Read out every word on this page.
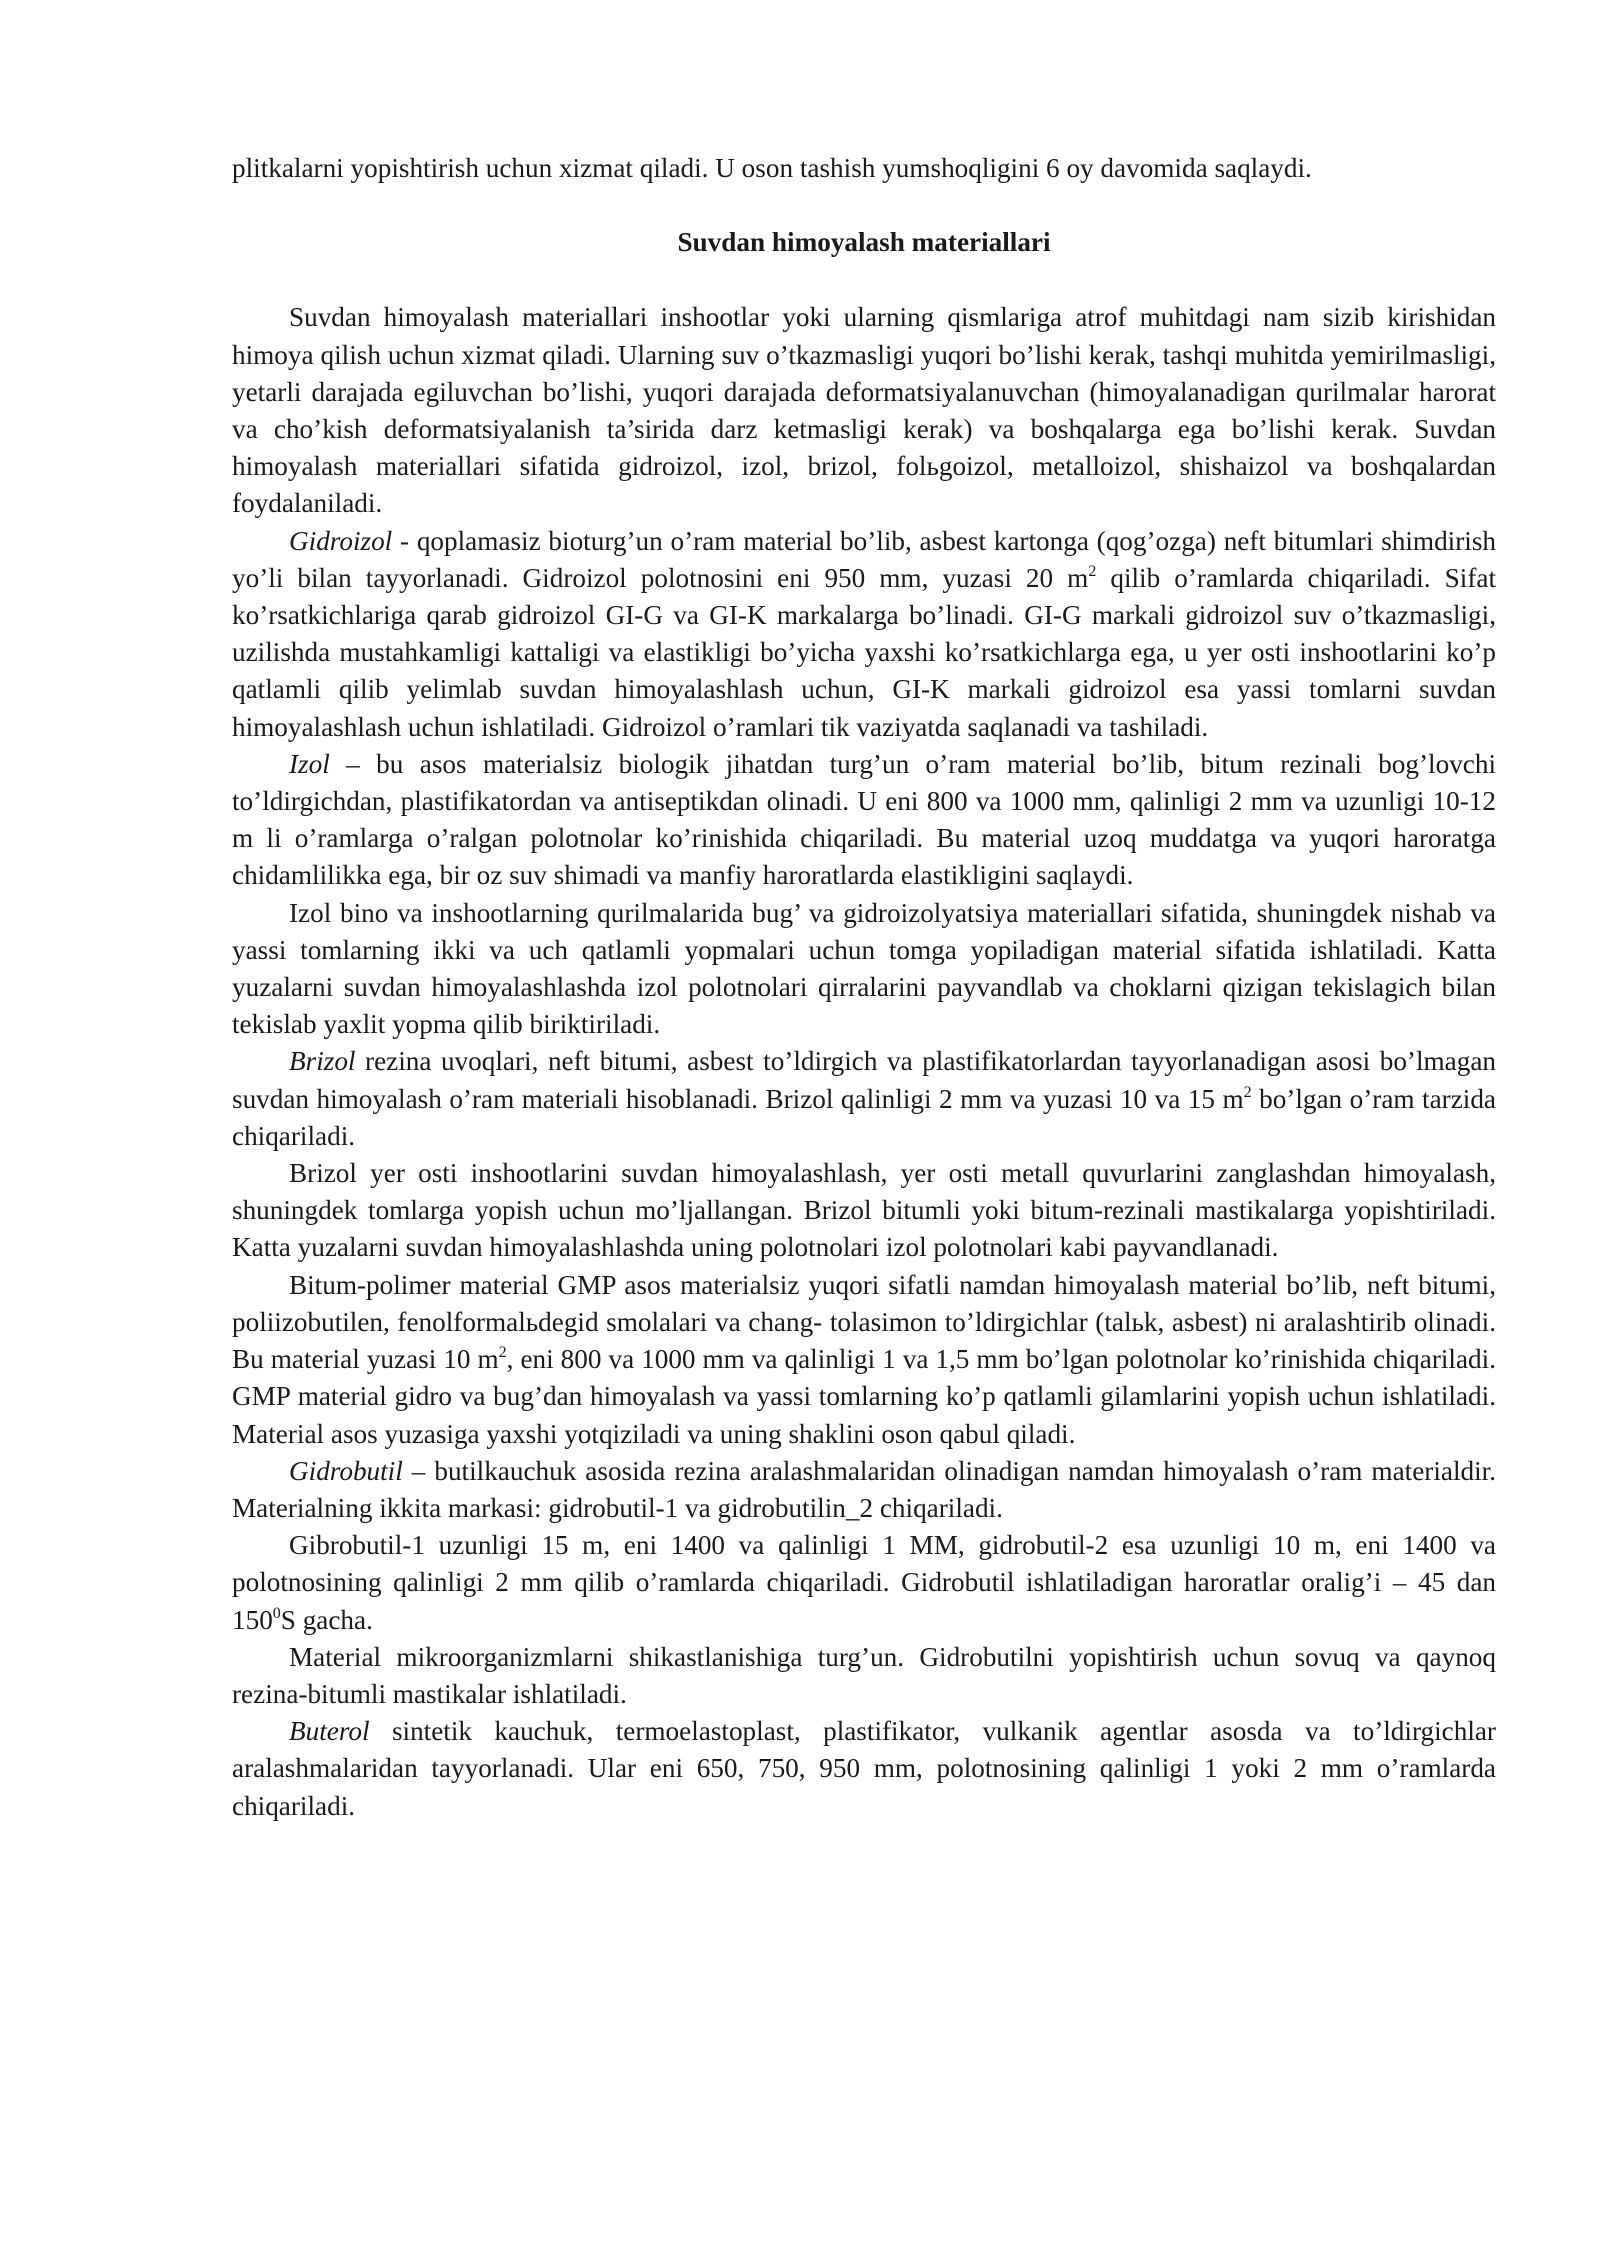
plitkalarni yopishtirish uchun xizmat qiladi. U oson tashish yumshoqligini 6 oy davomida saqlaydi.

Suvdan himoyalash materiallari

Suvdan himoyalash materiallari inshootlar yoki ularning qismlariga atrof muhitdagi nam sizib kirishidan himoya qilish uchun xizmat qiladi. Ularning suv o’tkazmasligi yuqori bo’lishi kerak, tashqi muhitda yemirilmasligi, yetarli darajada egiluvchan bo’lishi, yuqori darajada deformatsiyalanuvchan (himoyalanadigan qurilmalar harorat va cho’kish deformatsiyalanish ta’sirida darz ketmasligi kerak) va boshqalarga ega bo’lishi kerak. Suvdan himoyalash materiallari sifatida gidroizol, izol, brizol, folьgoizol, metalloizol, shishaizol va boshqalardan foydalaniladi.

Gidroizol - qoplamasiz bioturg’un o’ram material bo’lib, asbest kartonga (qog’ozga) neft bitumlari shimdirish yo’li bilan tayyorlanadi. Gidroizol polotnosini eni 950 mm, yuzasi 20 $m^2$ qilib o’ramlarda chiqariladi. Sifat ko’rsatkichlariga qarab gidroizol GI-G va GI-K markalarga bo’linadi. GI-G markali gidroizol suv o’tkazmasligi, uzilishda mustahkamligi kattaligi va elastikligi bo’yicha yaxshi ko’rsatkichlarga ega, u yer osti inshootlarini ko’p qatlamli qilib yelimlab suvdan himoyalashlash uchun, GI-K markali gidroizol esa yassi tomlarni suvdan himoyalashlash uchun ishlatiladi. Gidroizol o’ramlari tik vaziyatda saqlanadi va tashiladi.

Izol – bu asos materialsiz biologik jihatdan turg’un o’ram material bo’lib, bitum rezinali bog’lovchi to’ldirgichdan, plastifikatordan va antiseptikdan olinadi. U eni 800 va 1000 mm, qalinligi 2 mm va uzunligi 10-12 m li o’ramlarga o’ralgan polotnolar ko’rinishida chiqariladi. Bu material uzoq muddatga va yuqori haroratga chidamlilikka ega, bir oz suv shimadi va manfiy haroratlarda elastikligini saqlaydi.

Izol bino va inshootlarning qurilmalarida bug’ va gidroizolyatsiya materiallari sifatida, shuningdek nishab va yassi tomlarning ikki va uch qatlamli yopmalari uchun tomga yopiladigan material sifatida ishlatiladi. Katta yuzalarni suvdan himoyalashlashda izol polotnolari qirralarini payvandlab va choklarni qizigan tekislagich bilan tekislab yaxlit yopma qilib biriktiriladi.

Brizol rezina uvoqlari, neft bitumi, asbest to’ldirgich va plastifikatorlardan tayyorlanadigan asosi bo’lmagan suvdan himoyalash o’ram materiali hisoblanadi. Brizol qalinligi 2 mm va yuzasi 10 va 15 $m^2$ bo’lgan o’ram tarzida chiqariladi.

Brizol yer osti inshootlarini suvdan himoyalashlash, yer osti metall quvurlarini zanglashdan himoyalash, shuningdek tomlarga yopish uchun mo’ljallangan. Brizol bitumli yoki bitum-rezinali mastikalarga yopishtiriladi. Katta yuzalarni suvdan himoyalashlashda uning polotnolari izol polotnolari kabi payvandlanadi.

Bitum-polimer material GMP asos materialsiz yuqori sifatli namdan himoyalash material bo’lib, neft bitumi, poliizobutilen, fenolformalьdegid smolalari va chang- tolasimon to’ldirgichlar (talьk, asbest) ni aralashtirib olinadi. Bu material yuzasi 10 $m^2$, eni 800 va 1000 mm va qalinligi 1 va 1,5 mm bo’lgan polotnolar ko’rinishida chiqariladi. GMP material gidro va bug’dan himoyalash va yassi tomlarning ko’p qatlamli gilamlarini yopish uchun ishlatiladi. Material asos yuzasiga yaxshi yotqiziladi va uning shaklini oson qabul qiladi.

Gidrobutil – butilkauchuk asosida rezina aralashmalaridan olinadigan namdan himoyalash o’ram materialdir. Materialning ikkita markasi: gidrobutil-1 va gidrobutilin_2 chiqariladi.

Gibrobutil-1 uzunligi 15 m, eni 1400 va qalinligi 1 MM, gidrobutil-2 esa uzunligi 10 m, eni 1400 va polotnosining qalinligi 2 mm qilib o’ramlarda chiqariladi. Gidrobutil ishlatiladigan haroratlar oralig’i – 45 dan $150^0S$ gacha.

Material mikroorganizmlarni shikastlanishiga turg’un. Gidrobutilni yopishtirish uchun sovuq va qaynoq rezina-bitumli mastikalar ishlatiladi.

Buterol sintetik kauchuk, termoelastoplast, plastifikator, vulkanik agentlar asosda va to’ldirgichlar aralashmalaridan tayyorlanadi. Ular eni 650, 750, 950 mm, polotnosining qalinligi 1 yoki 2 mm o’ramlarda chiqariladi.
